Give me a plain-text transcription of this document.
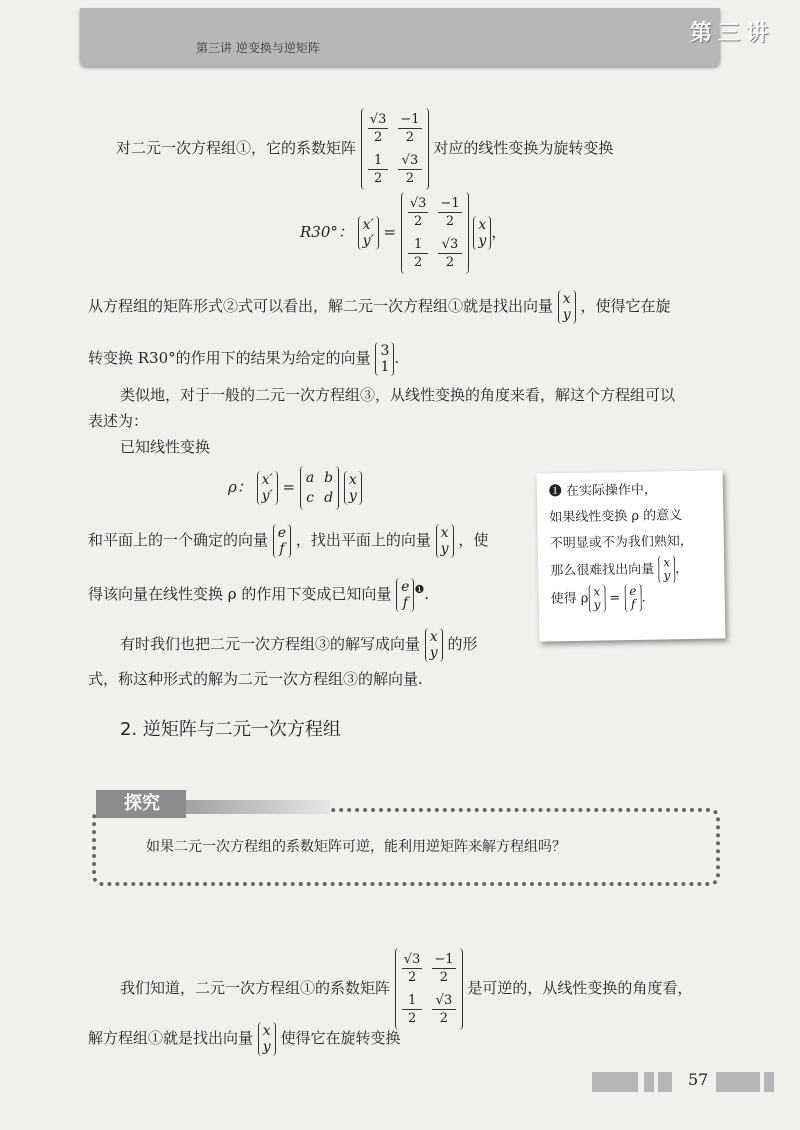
第三讲 逆变换与逆矩阵
第三讲
对二元一次方程组①，它的系数矩阵
$\frac{√3}{2} \frac{-1}{2}$
$\frac{1}{2} \frac{√3}{2}$
对应的线性变换为旋转变换
R30°： x′
y′ =
$\frac{√3}{2} \frac{-1}{2}$
$\frac{1}{2} \frac{√3}{2}$
x
y ，
从方程组的矩阵形式②式可以看出，解二元一次方程组①就是找出向量 x
y ，使得它在旋
转变换 R30°的作用下的结果为给定的向量 3
1 .
类似地，对于一般的二元一次方程组③，从线性变换的角度来看，解这个方程组可以
表述为：
已知线性变换
ρ： x′
y′ = a b
c d
x
y
和平面上的一个确定的向量 e
f ，找出平面上的向量 x
y ，使
得该向量在线性变换 ρ 的作用下变成已知向量 e
$f^❶$.
有时我们也把二元一次方程组③的解写成向量 x
y 的形
式，称这种形式的解为二元一次方程组③的解向量.
❶ 在实际操作中，
如果线性变换 ρ 的意义
不明显或不为我们熟知，
那么很难找出向量 x
y ，
使得 ρ x
y = e
f .
2. 逆矩阵与二元一次方程组
探究
如果二元一次方程组的系数矩阵可逆，能利用逆矩阵来解方程组吗？
我们知道，二元一次方程组①的系数矩阵
$\frac{√3}{2} \frac{-1}{2}$
$\frac{1}{2} \frac{√3}{2}$
是可逆的，从线性变换的角度看，
解方程组①就是找出向量 x
y 使得它在旋转变换
57
